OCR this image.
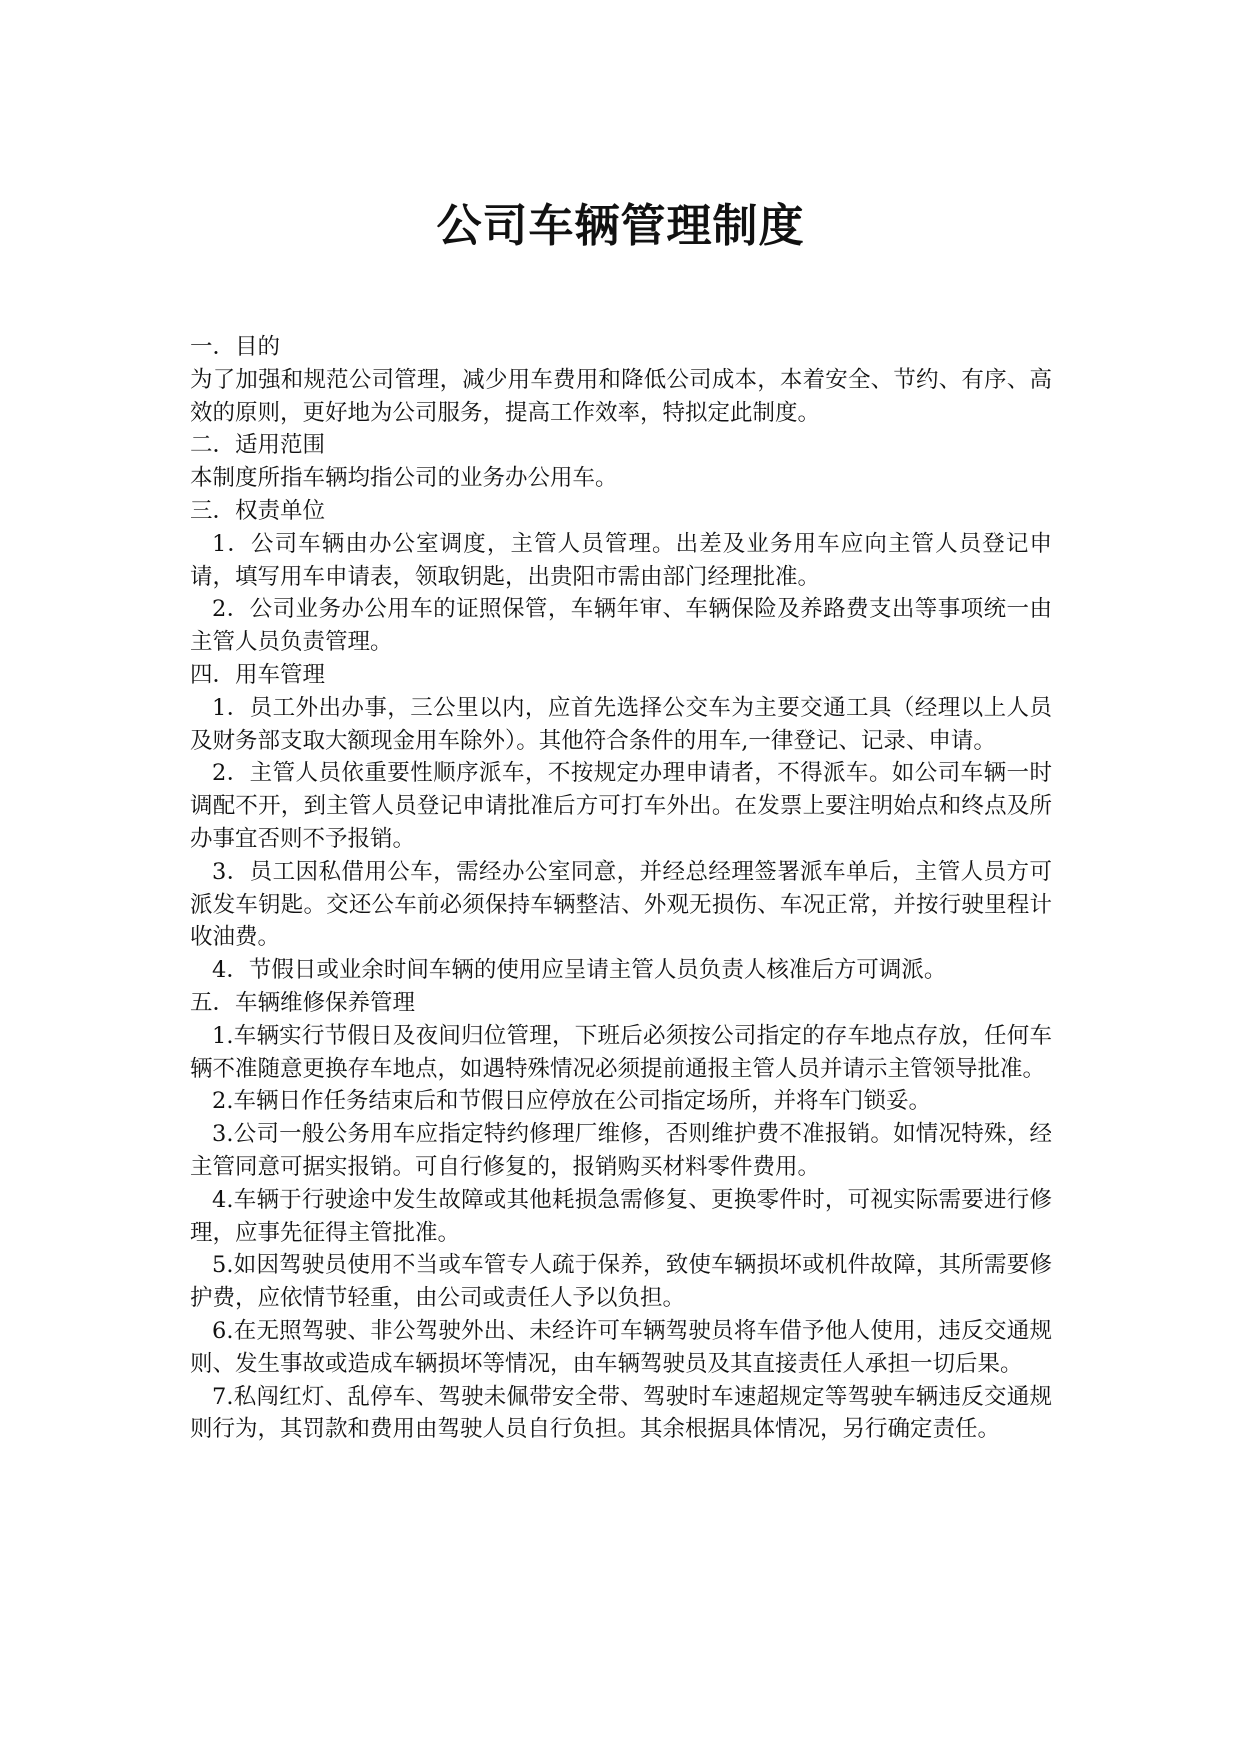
公司车辆管理制度
一．目的
为了加强和规范公司管理，减少用车费用和降低公司成本，本着安全、节约、有序、高效的原则，更好地为公司服务，提高工作效率，特拟定此制度。
二．适用范围
本制度所指车辆均指公司的业务办公用车。
三．权责单位
1．公司车辆由办公室调度，主管人员管理。出差及业务用车应向主管人员登记申请，填写用车申请表，领取钥匙，出贵阳市需由部门经理批准。
2．公司业务办公用车的证照保管，车辆年审、车辆保险及养路费支出等事项统一由主管人员负责管理。
四．用车管理
1．员工外出办事，三公里以内，应首先选择公交车为主要交通工具（经理以上人员及财务部支取大额现金用车除外）。其他符合条件的用车,一律登记、记录、申请。
2．主管人员依重要性顺序派车，不按规定办理申请者，不得派车。如公司车辆一时调配不开，到主管人员登记申请批准后方可打车外出。在发票上要注明始点和终点及所办事宜否则不予报销。
3．员工因私借用公车，需经办公室同意，并经总经理签署派车单后，主管人员方可派发车钥匙。交还公车前必须保持车辆整洁、外观无损伤、车况正常，并按行驶里程计收油费。
4．节假日或业余时间车辆的使用应呈请主管人员负责人核准后方可调派。
五．车辆维修保养管理
1.车辆实行节假日及夜间归位管理，下班后必须按公司指定的存车地点存放，任何车辆不准随意更换存车地点，如遇特殊情况必须提前通报主管人员并请示主管领导批准。
2.车辆日作任务结束后和节假日应停放在公司指定场所，并将车门锁妥。
3.公司一般公务用车应指定特约修理厂维修，否则维护费不准报销。如情况特殊，经主管同意可据实报销。可自行修复的，报销购买材料零件费用。
4.车辆于行驶途中发生故障或其他耗损急需修复、更换零件时，可视实际需要进行修理，应事先征得主管批准。
5.如因驾驶员使用不当或车管专人疏于保养，致使车辆损坏或机件故障，其所需要修护费，应依情节轻重，由公司或责任人予以负担。
6.在无照驾驶、非公驾驶外出、未经许可车辆驾驶员将车借予他人使用，违反交通规则、发生事故或造成车辆损坏等情况，由车辆驾驶员及其直接责任人承担一切后果。
7.私闯红灯、乱停车、驾驶未佩带安全带、驾驶时车速超规定等驾驶车辆违反交通规则行为，其罚款和费用由驾驶人员自行负担。其余根据具体情况，另行确定责任。
